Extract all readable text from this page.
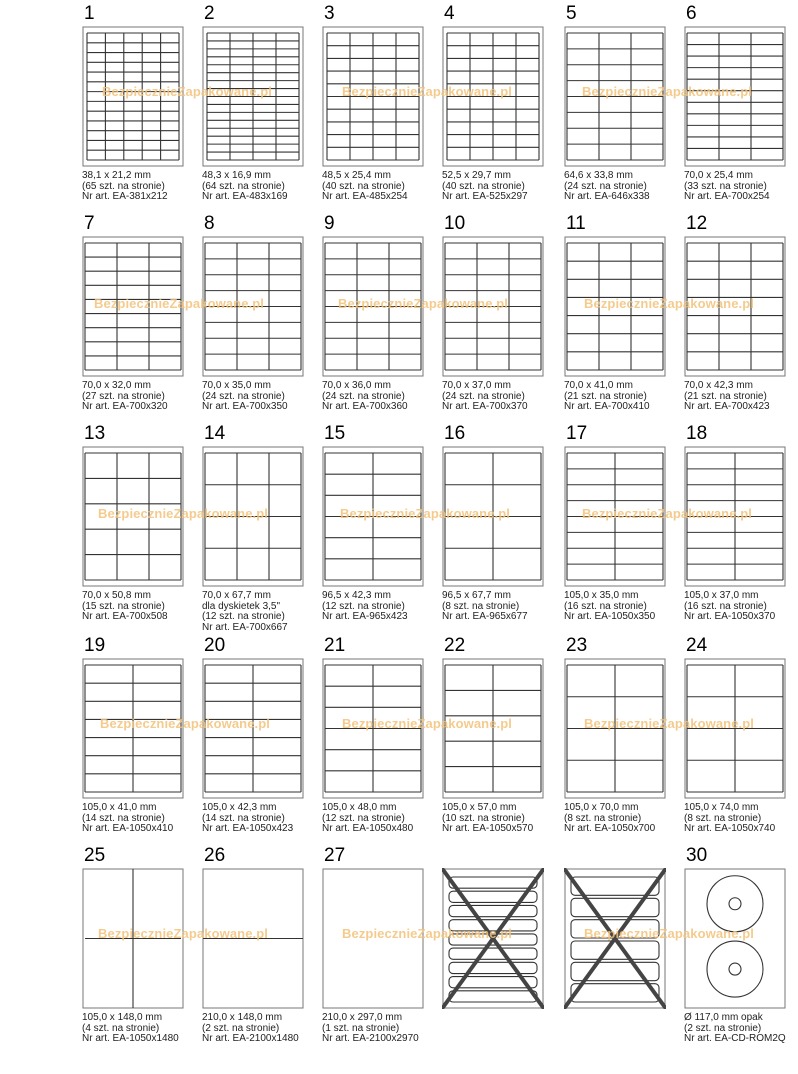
1
38,1 x 21,2 mm
(65 szt. na stronie)
Nr art. EA-381x212
2
48,3 x 16,9 mm
(64 szt. na stronie)
Nr art. EA-483x169
3
48,5 x 25,4 mm
(40 szt. na stronie)
Nr art. EA-485x254
4
52,5 x 29,7 mm
(40 szt. na stronie)
Nr art. EA-525x297
5
64,6 x 33,8 mm
(24 szt. na stronie)
Nr art. EA-646x338
6
70,0 x 25,4 mm
(33 szt. na stronie)
Nr art. EA-700x254
7
70,0 x 32,0 mm
(27 szt. na stronie)
Nr art. EA-700x320
8
70,0 x 35,0 mm
(24 szt. na stronie)
Nr art. EA-700x350
9
70,0 x 36,0 mm
(24 szt. na stronie)
Nr art. EA-700x360
10
70,0 x 37,0 mm
(24 szt. na stronie)
Nr art. EA-700x370
11
70,0 x 41,0 mm
(21 szt. na stronie)
Nr art. EA-700x410
12
70,0 x 42,3 mm
(21 szt. na stronie)
Nr art. EA-700x423
13
70,0 x 50,8 mm
(15 szt. na stronie)
Nr art. EA-700x508
14
70,0 x 67,7 mm
dla dyskietek 3,5"
(12 szt. na stronie)
Nr art. EA-700x667
15
96,5 x 42,3 mm
(12 szt. na stronie)
Nr art. EA-965x423
16
96,5 x 67,7 mm
(8 szt. na stronie)
Nr art. EA-965x677
17
105,0 x 35,0 mm
(16 szt. na stronie)
Nr art. EA-1050x350
18
105,0 x 37,0 mm
(16 szt. na stronie)
Nr art. EA-1050x370
19
105,0 x 41,0 mm
(14 szt. na stronie)
Nr art. EA-1050x410
20
105,0 x 42,3 mm
(14 szt. na stronie)
Nr art. EA-1050x423
21
105,0 x 48,0 mm
(12 szt. na stronie)
Nr art. EA-1050x480
22
105,0 x 57,0 mm
(10 szt. na stronie)
Nr art. EA-1050x570
23
105,0 x 70,0 mm
(8 szt. na stronie)
Nr art. EA-1050x700
24
105,0 x 74,0 mm
(8 szt. na stronie)
Nr art. EA-1050x740
25
105,0 x 148,0 mm
(4 szt. na stronie)
Nr art. EA-1050x1480
26
210,0 x 148,0 mm
(2 szt. na stronie)
Nr art. EA-2100x1480
27
210,0 x 297,0 mm
(1 szt. na stronie)
Nr art. EA-2100x2970
30
Ø 117,0 mm opak
(2 szt. na stronie)
Nr art. EA-CD-ROM2Q
BezpiecznieZapakowane.pl
BezpiecznieZapakowane.pl
BezpiecznieZapakowane.pl
BezpiecznieZapakowane.pl
BezpiecznieZapakowane.pl
BezpiecznieZapakowane.pl
BezpiecznieZapakowane.pl
BezpiecznieZapakowane.pl
BezpiecznieZapakowane.pl
BezpiecznieZapakowane.pl
BezpiecznieZapakowane.pl
BezpiecznieZapakowane.pl
BezpiecznieZapakowane.pl
BezpiecznieZapakowane.pl
BezpiecznieZapakowane.pl
